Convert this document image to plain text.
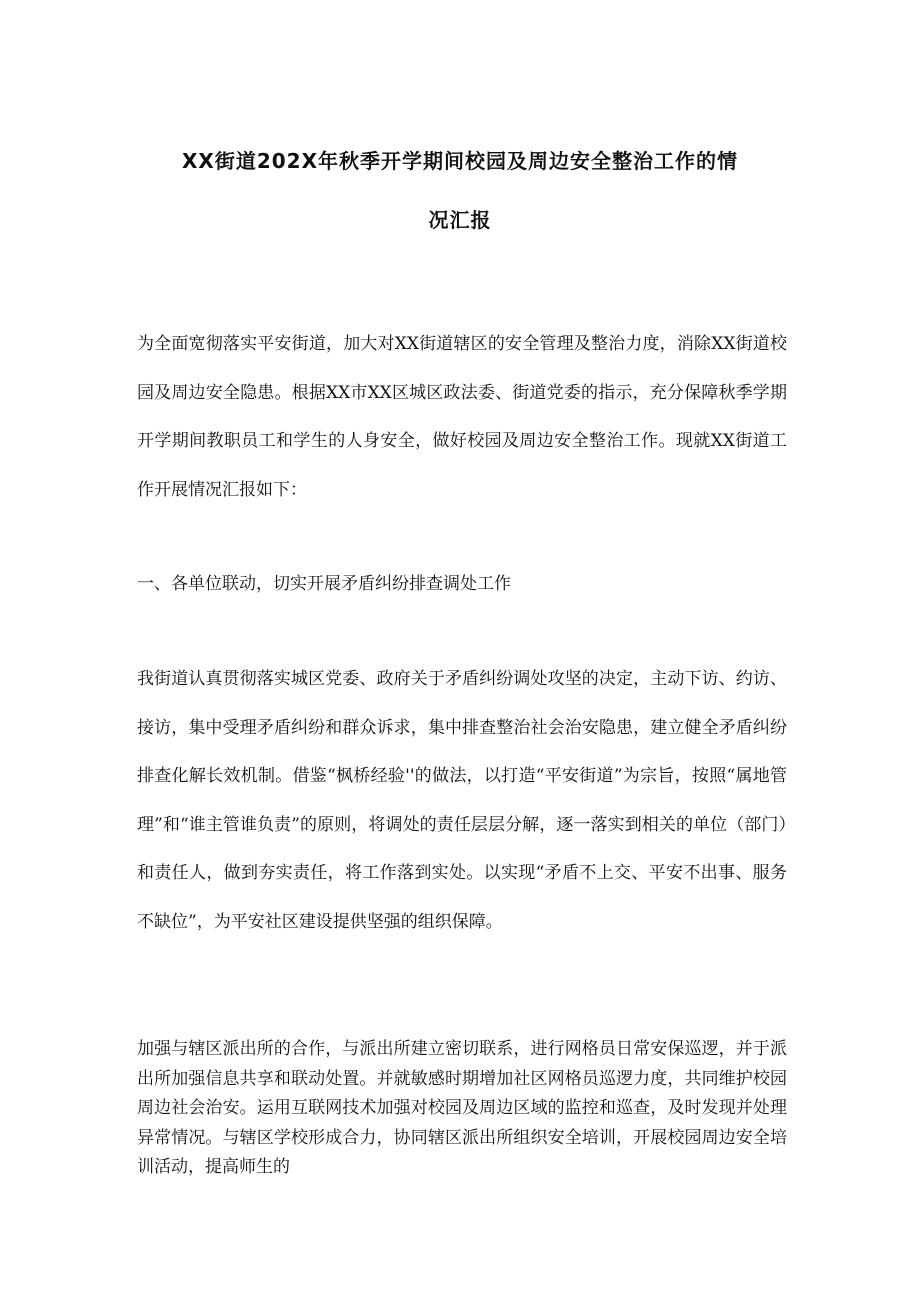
XX街道202X年秋季开学期间校园及周边安全整治工作的情
况汇报

为全面宽彻落实平安街道，加大对XX街道辖区的安全管理及整治力度，消除XX街道校园及周边安全隐患。根据XX市XX区城区政法委、街道党委的指示，充分保障秋季学期开学期间教职员工和学生的人身安全，做好校园及周边安全整治工作。现就XX街道工作开展情况汇报如下：

一、各单位联动，切实开展矛盾纠纷排查调处工作

我街道认真贯彻落实城区党委、政府关于矛盾纠纷调处攻坚的决定，主动下访、约访、接访，集中受理矛盾纠纷和群众诉求，集中排查整治社会治安隐患，建立健全矛盾纠纷排查化解长效机制。借鉴“枫桥经验''的做法，以打造“平安街道”为宗旨，按照“属地管理”和“谁主管谁负责”的原则，将调处的责任层层分解，逐一落实到相关的单位（部门）和责任人，做到夯实责任，将工作落到实处。以实现“矛盾不上交、平安不出事、服务不缺位”，为平安社区建设提供坚强的组织保障。

加强与辖区派出所的合作，与派出所建立密切联系，进行网格员日常安保巡逻，并于派出所加强信息共享和联动处置。并就敏感时期增加社区网格员巡逻力度，共同维护校园周边社会治安。运用互联网技术加强对校园及周边区域的监控和巡查，及时发现并处理异常情况。与辖区学校形成合力，协同辖区派出所组织安全培训，开展校园周边安全培训活动，提高师生的
